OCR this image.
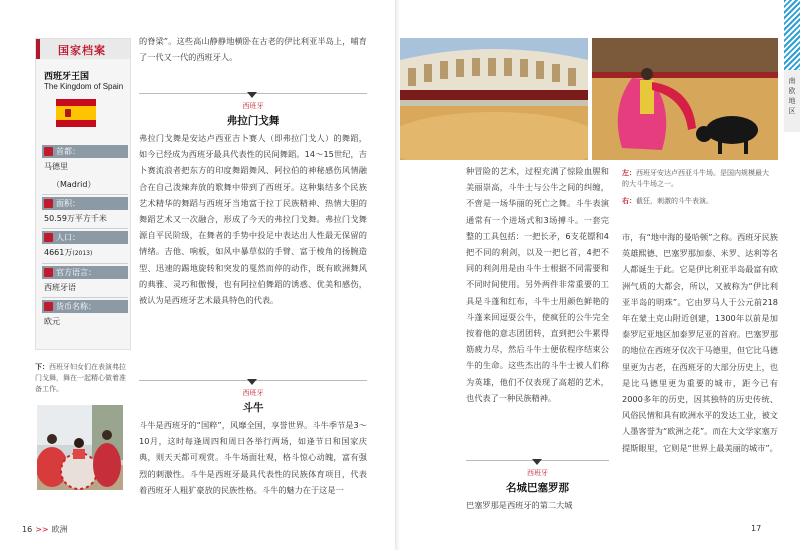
国家档案
西班牙王国
The Kingdom of Spain
首都：
马德里
（Madrid）
面积：
50.59万平方千米
人口：
4661万(2013)
官方语言：
西班牙语
货币名称：
欧元
下：西班牙妇女们在表演弗拉门戈舞，舞在一起精心做着准备工作。
的脊梁”。这些高山静静地横卧在古老的伊比利亚半岛上，哺育了一代又一代的西班牙人。
西班牙
弗拉门戈舞
弗拉门戈舞是安达卢西亚吉卜赛人（即弗拉门戈人）的舞蹈，如今已经成为西班牙最具代表性的民间舞蹈。14～15世纪，吉卜赛流浪者把东方的印度舞蹈舞风、阿拉伯的神秘感伤风情融合在自己泼辣奔放的歌舞中带到了西班牙。这种集结多个民族艺术精华的舞蹈与西班牙当地富于拉丁民族精神、热情大胆的舞蹈艺术又一次融合，形成了今天的弗拉门戈舞。弗拉门戈舞源自平民阶级，在舞者的手势中投足中表达出人性最无保留的情绪。吉他、响板，如风中暴草似的手臂、富于棱角的扬腕造型、迅速的踢地旋转和突发的戛然而停的动作，既有欧洲舞风的典雅、灵巧和傲慢，也有阿拉伯舞蹈的诱惑、优美和感伤，被认为是西班牙艺术最具特色的代表。
西班牙
斗牛
斗牛是西班牙的“国粹”，风靡全国，享誉世界。斗牛季节是3～10月，这时每逢周四和周日各举行两场，如逢节日和国家庆典，则天天都可观赏。斗牛场面壮观，格斗惊心动魄，富有强烈的刺激性。斗牛是西班牙最具代表性的民族体育项目，代表着西班牙人粗犷豪放的民族性格。斗牛的魅力在于这是一
16 >> 欧洲
南欧地区
左：西班牙安达卢西亚斗牛场。是国内规模最大的大斗牛场之一。
右：截狂，刺激的斗牛表演。
种冒险的艺术，过程充满了惊险血腥和美丽崇高，斗牛士与公牛之间的纠缠，不啻是一场华丽的死亡之舞。斗牛表演通常有一个进场式和3场搏斗。一套完整的工具包括：一把长矛，6支花镖和4把不同的利剑，以及一把匕首，4把不同的利剑用是由斗牛士根据不同需要和不同时间使用。另外两件非常重要的工具是斗蓬和红布，斗牛士用颜色鲜艳的斗蓬来回逗耍公牛，使疯狂的公牛完全按着他的意志团团转，直到把公牛累得筋疲力尽，然后斗牛士便依程序结束公牛的生命。这些杰出的斗牛士被人们称为英雄，他们不仅表现了高超的艺术，也代表了一种民族精神。
西班牙
名城巴塞罗那
巴塞罗那是西班牙的第二大城
市，有“地中海的曼哈顿”之称。西班牙民族英雄熙德、巴塞罗那加泰、米罗、达利等名人都诞生于此。它是伊比利亚半岛最富有欧洲气质的大都会，所以，又被称为“伊比利亚半岛的明珠”。它由罗马人于公元前218年在蒙土克山附近创建，1300年以前是加泰罗尼亚地区加泰罗尼亚的首府。巴塞罗那的地位在西班牙仅次于马德里，但它比马德里更为古老，在西班牙的大部分历史上，也是比马德里更为重要的城市，距今已有2000多年的历史，因其独特的历史传统、风俗民情和具有欧洲水平的发达工业，被文人墨客誉为“欧洲之花”。而在大文学家塞万提斯眼里，它则是“世界上最美丽的城市”。
17
